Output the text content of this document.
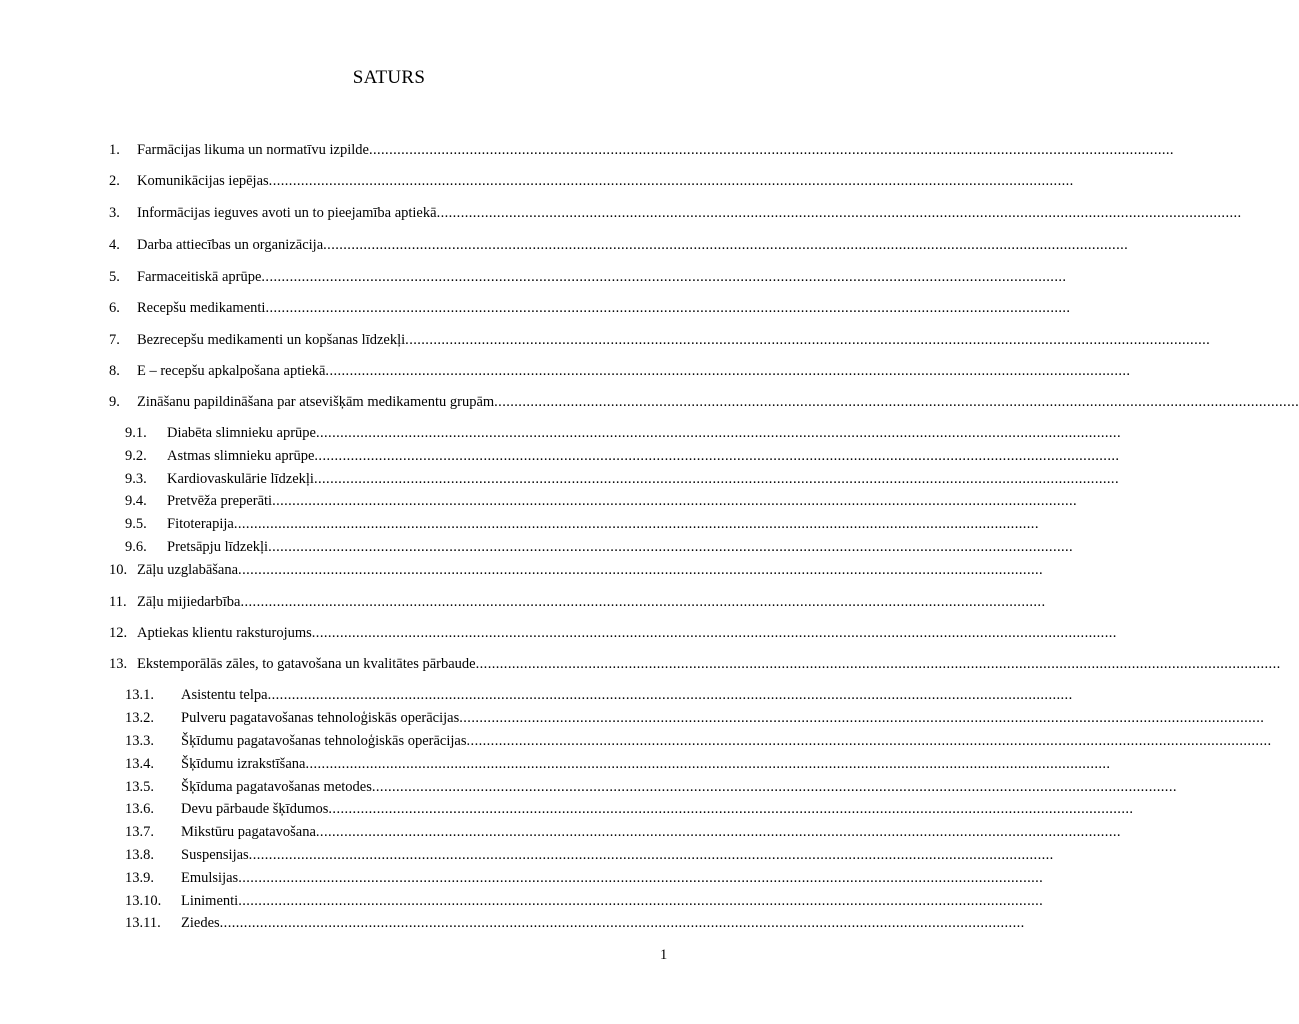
SATURS
1.	Farmācijas likuma un normatīvu izpilde ........................................................................................................................................................................................................
2.	Komunikācijas iepējas ........................................................................................................................................................................................................
3.	Informācijas ieguves avoti un to pieejamība aptiekā ........................................................................................................................................................................................................
4.	Darba attiecības un organizācija ........................................................................................................................................................................................................
5.	Farmaceitiskā aprūpe ........................................................................................................................................................................................................
6.	Recepšu medikamenti ........................................................................................................................................................................................................
7.	Bezrecepšu medikamenti un kopšanas līdzekļi ........................................................................................................................................................................................................
8.	E – recepšu apkalpošana aptiekā ........................................................................................................................................................................................................
9.	Zināšanu papildināšana par atsevišķām medikamentu grupām ........................................................................................................................................................................................................
9.1.	Diabēta slimnieku aprūpe ........................................................................................................................................................................................................
9.2.	Astmas slimnieku aprūpe ........................................................................................................................................................................................................
9.3.	Kardiovaskulārie līdzekļi ........................................................................................................................................................................................................
9.4.	Pretvēža preperāti ........................................................................................................................................................................................................
9.5.	Fitoterapija ........................................................................................................................................................................................................
9.6.	Pretsāpju līdzekļi ........................................................................................................................................................................................................
10. Zāļu uzglabāšana ........................................................................................................................................................................................................
11. Zāļu mijiedarbība ........................................................................................................................................................................................................
12. Aptiekas klientu raksturojums ........................................................................................................................................................................................................
13. Ekstemporālās zāles, to gatavošana un kvalitātes pārbaude ........................................................................................................................................................................................................
13.1.	Asistentu telpa ........................................................................................................................................................................................................
13.2.	Pulveru pagatavošanas tehnoloģiskās operācijas ........................................................................................................................................................................................................
13.3.	Šķīdumu pagatavošanas tehnoloģiskās operācijas ........................................................................................................................................................................................................
13.4.	Šķīdumu izrakstīšana ........................................................................................................................................................................................................
13.5.	Šķīduma pagatavošanas metodes ........................................................................................................................................................................................................
13.6.	Devu pārbaude šķīdumos ........................................................................................................................................................................................................
13.7.	Mikstūru pagatavošana ........................................................................................................................................................................................................
13.8.	Suspensijas ........................................................................................................................................................................................................
13.9.	Emulsijas ........................................................................................................................................................................................................
13.10.	Linimenti ........................................................................................................................................................................................................
13.11.	Ziedes ........................................................................................................................................................................................................
1
